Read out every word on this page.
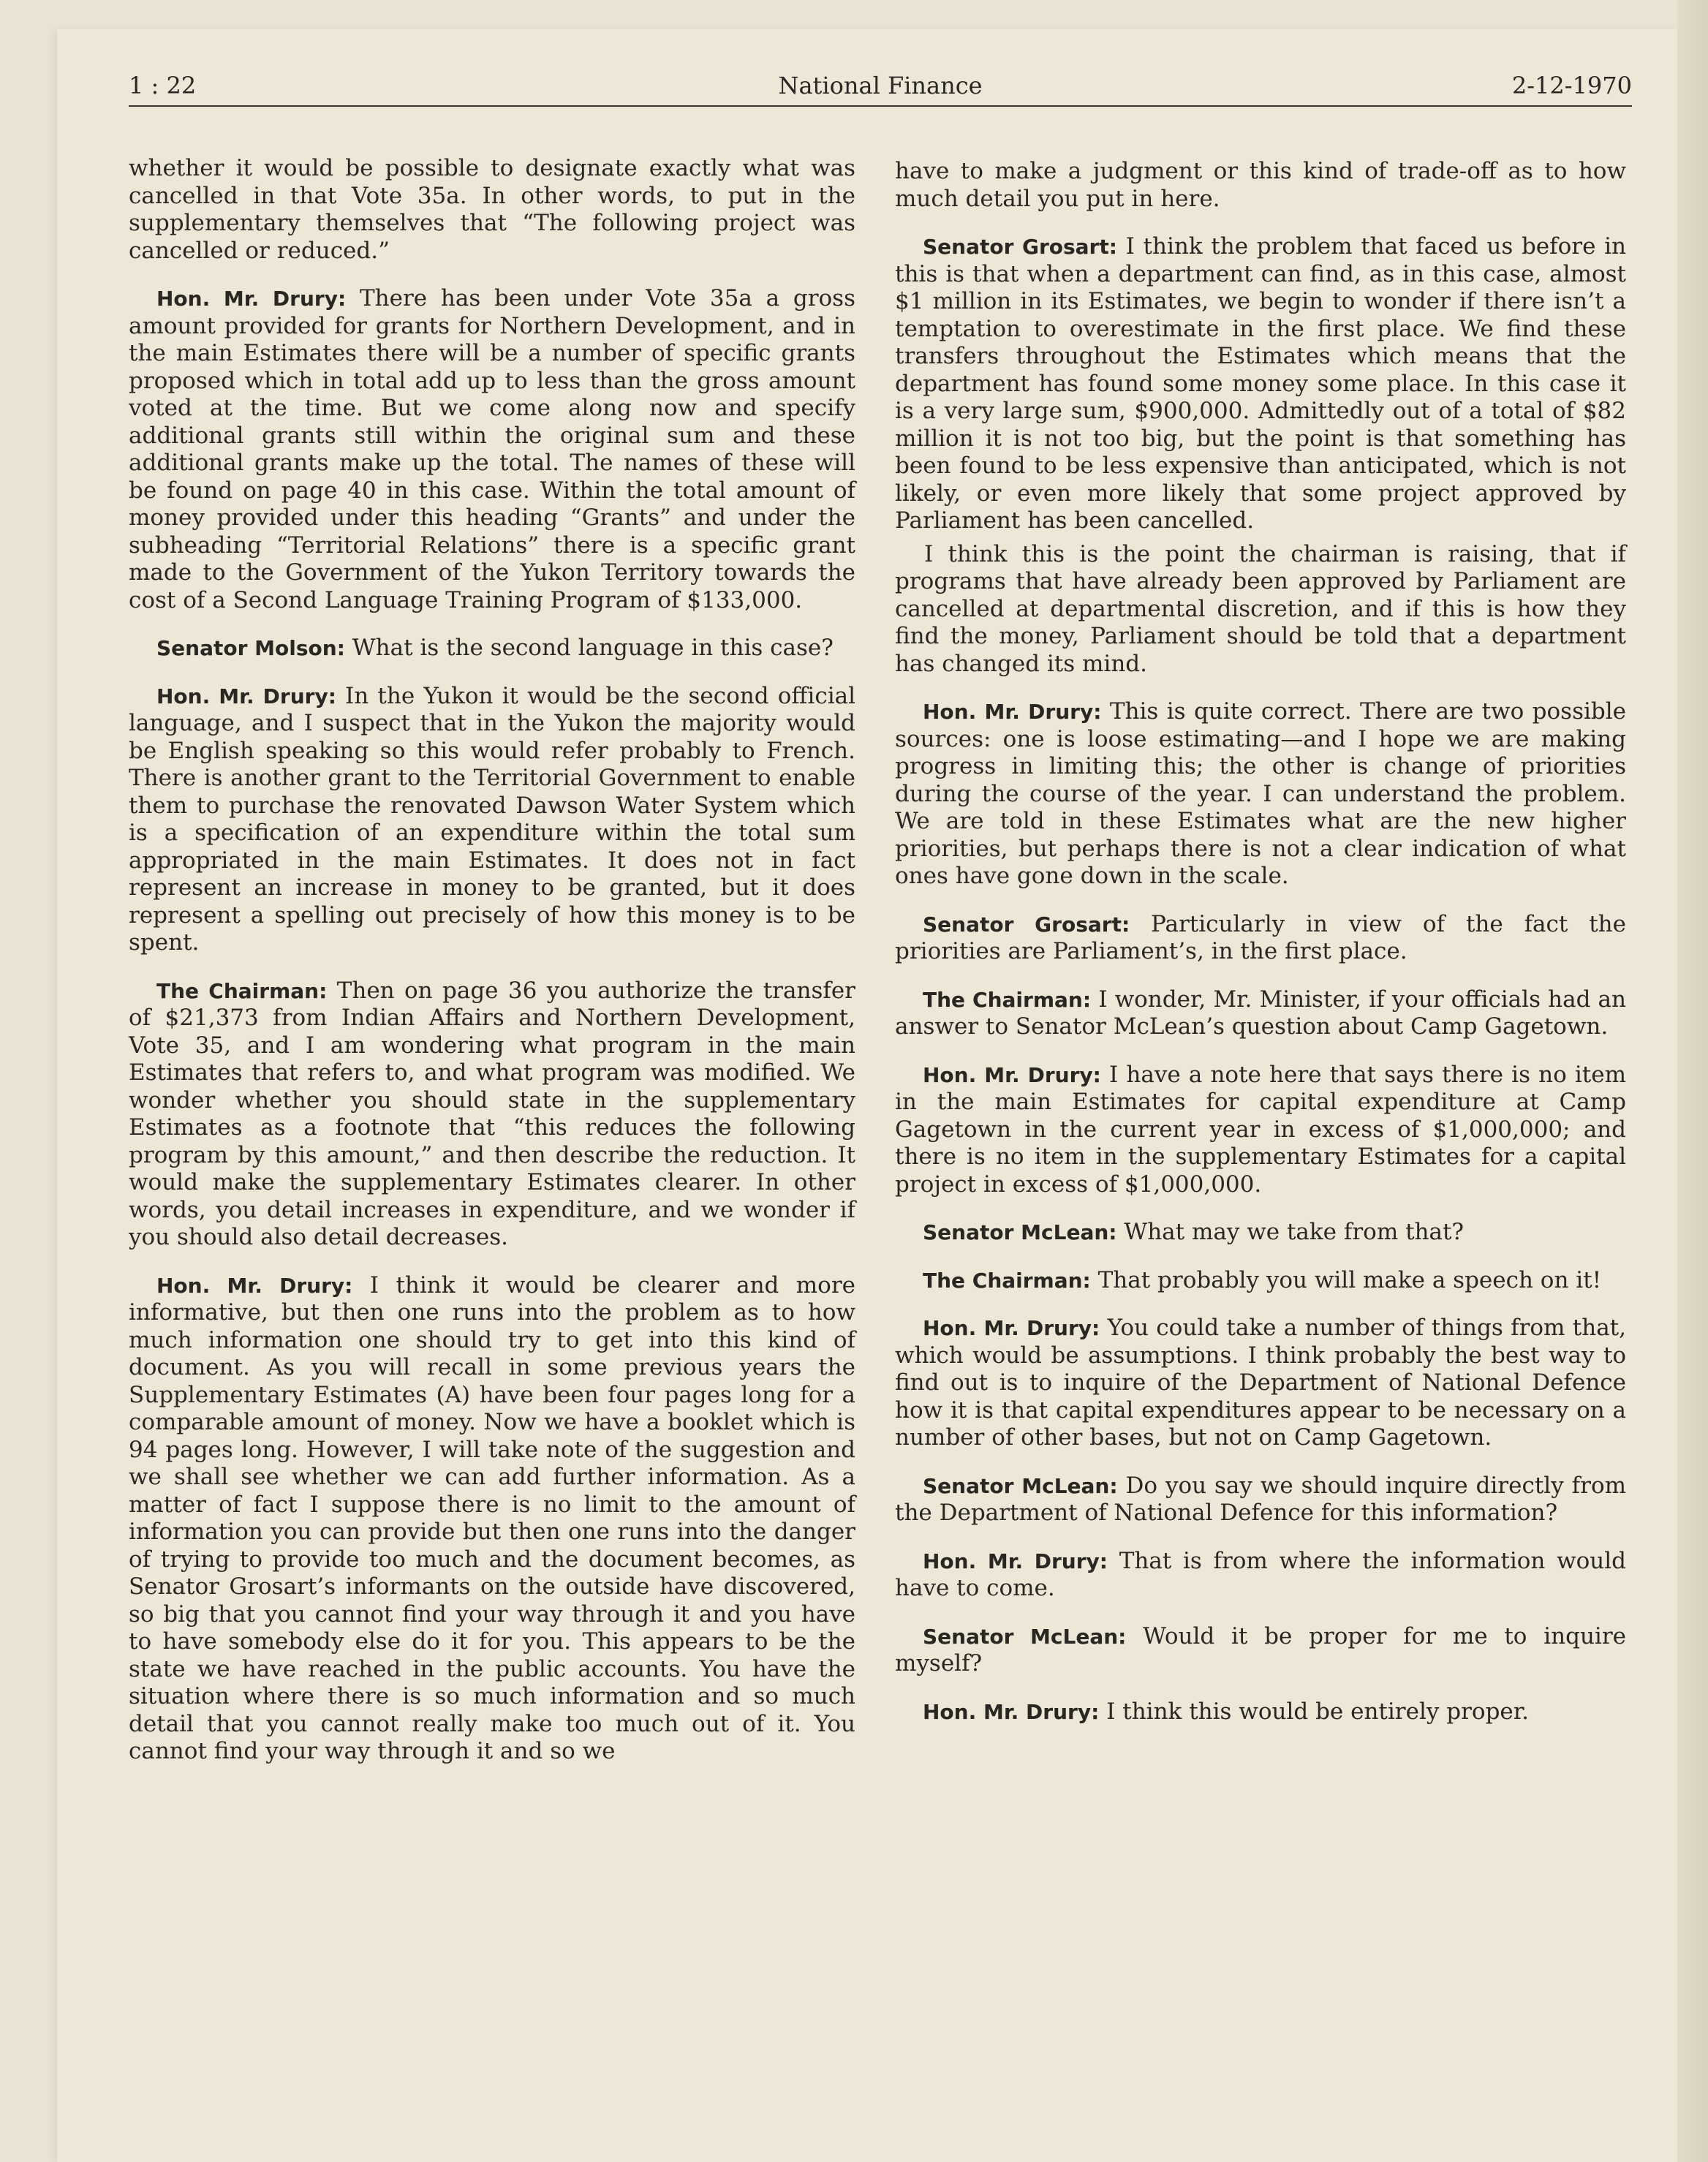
1 : 22	National Finance	2-12-1970

whether it would be possible to designate exactly what was cancelled in that Vote 35a. In other words, to put in the supplementary themselves that “The following project was cancelled or reduced.”

Hon. Mr. Drury: There has been under Vote 35a a gross amount provided for grants for Northern Development, and in the main Estimates there will be a number of specific grants proposed which in total add up to less than the gross amount voted at the time. But we come along now and specify additional grants still within the original sum and these additional grants make up the total. The names of these will be found on page 40 in this case. Within the total amount of money provided under this heading “Grants” and under the subheading “Territorial Relations” there is a specific grant made to the Government of the Yukon Territory towards the cost of a Second Language Training Program of $133,000.

Senator Molson: What is the second language in this case?

Hon. Mr. Drury: In the Yukon it would be the second official language, and I suspect that in the Yukon the majority would be English speaking so this would refer probably to French. There is another grant to the Territorial Government to enable them to purchase the renovated Dawson Water System which is a specification of an expenditure within the total sum appropriated in the main Estimates. It does not in fact represent an increase in money to be granted, but it does represent a spelling out precisely of how this money is to be spent.

The Chairman: Then on page 36 you authorize the transfer of $21,373 from Indian Affairs and Northern Development, Vote 35, and I am wondering what program in the main Estimates that refers to, and what program was modified. We wonder whether you should state in the supplementary Estimates as a footnote that “this reduces the following program by this amount,” and then describe the reduction. It would make the supplementary Estimates clearer. In other words, you detail increases in expenditure, and we wonder if you should also detail decreases.

Hon. Mr. Drury: I think it would be clearer and more informative, but then one runs into the problem as to how much information one should try to get into this kind of document. As you will recall in some previous years the Supplementary Estimates (A) have been four pages long for a comparable amount of money. Now we have a booklet which is 94 pages long. However, I will take note of the suggestion and we shall see whether we can add further information. As a matter of fact I suppose there is no limit to the amount of information you can provide but then one runs into the danger of trying to provide too much and the document becomes, as Senator Grosart’s informants on the outside have discovered, so big that you cannot find your way through it and you have to have somebody else do it for you. This appears to be the state we have reached in the public accounts. You have the situation where there is so much information and so much detail that you cannot really make too much out of it. You cannot find your way through it and so we

have to make a judgment or this kind of trade-off as to how much detail you put in here.

Senator Grosart: I think the problem that faced us before in this is that when a department can find, as in this case, almost $1 million in its Estimates, we begin to wonder if there isn’t a temptation to overestimate in the first place. We find these transfers throughout the Estimates which means that the department has found some money some place. In this case it is a very large sum, $900,000. Admittedly out of a total of $82 million it is not too big, but the point is that something has been found to be less expensive than anticipated, which is not likely, or even more likely that some project approved by Parliament has been cancelled.

I think this is the point the chairman is raising, that if programs that have already been approved by Parliament are cancelled at departmental discretion, and if this is how they find the money, Parliament should be told that a department has changed its mind.

Hon. Mr. Drury: This is quite correct. There are two possible sources: one is loose estimating—and I hope we are making progress in limiting this; the other is change of priorities during the course of the year. I can understand the problem. We are told in these Estimates what are the new higher priorities, but perhaps there is not a clear indication of what ones have gone down in the scale.

Senator Grosart: Particularly in view of the fact the priorities are Parliament’s, in the first place.

The Chairman: I wonder, Mr. Minister, if your officials had an answer to Senator McLean’s question about Camp Gagetown.

Hon. Mr. Drury: I have a note here that says there is no item in the main Estimates for capital expenditure at Camp Gagetown in the current year in excess of $1,000,000; and there is no item in the supplementary Estimates for a capital project in excess of $1,000,000.

Senator McLean: What may we take from that?

The Chairman: That probably you will make a speech on it!

Hon. Mr. Drury: You could take a number of things from that, which would be assumptions. I think probably the best way to find out is to inquire of the Department of National Defence how it is that capital expenditures appear to be necessary on a number of other bases, but not on Camp Gagetown.

Senator McLean: Do you say we should inquire directly from the Department of National Defence for this information?

Hon. Mr. Drury: That is from where the information would have to come.

Senator McLean: Would it be proper for me to inquire myself?

Hon. Mr. Drury: I think this would be entirely proper.
